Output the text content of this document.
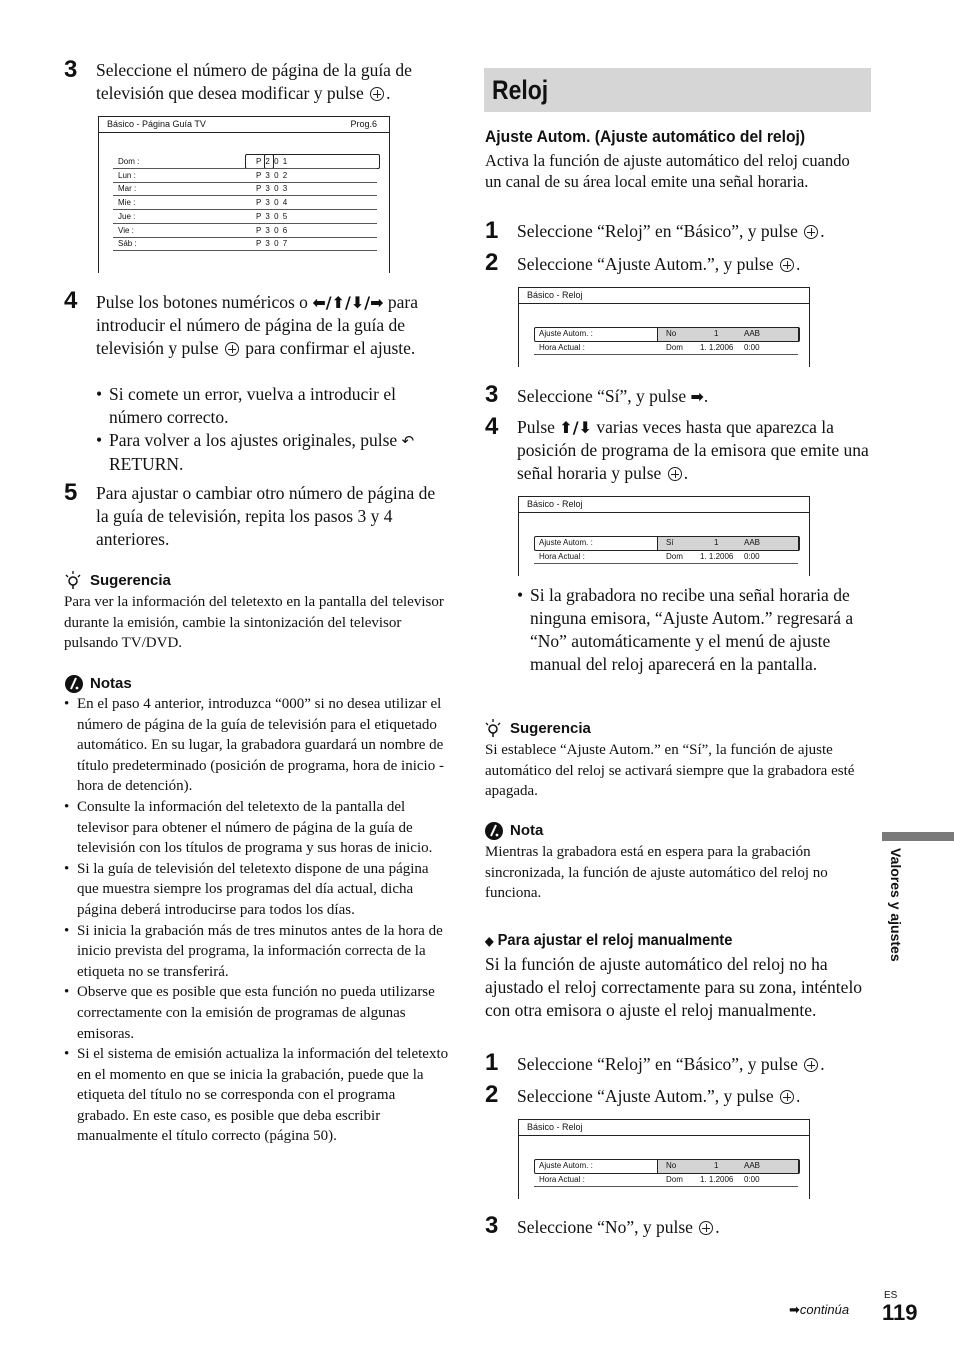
3 Seleccione el número de página de la guía de televisión que desea modificar y pulse .
Básico - Página Guía TV	Prog.6
Dom :	P 2 0 1
Lun :	P 3 0 2
Mar :	P 3 0 3
Mie :	P 3 0 4
Jue :	P 3 0 5
Vie :	P 3 0 6
Sáb :	P 3 0 7
4 Pulse los botones numéricos o ⬅/⬆/⬇/➡ para introducir el número de página de la guía de televisión y pulse para confirmar el ajuste.
• Si comete un error, vuelva a introducir el número correcto.
• Para volver a los ajustes originales, pulse ↶ RETURN.
5 Para ajustar o cambiar otro número de página de la guía de televisión, repita los pasos 3 y 4 anteriores.
Sugerencia
Para ver la información del teletexto en la pantalla del televisor durante la emisión, cambie la sintonización del televisor pulsando TV/DVD.
Notas
• En el paso 4 anterior, introduzca “000” si no desea utilizar el número de página de la guía de televisión para el etiquetado automático. En su lugar, la grabadora guardará un nombre de título predeterminado (posición de programa, hora de inicio - hora de detención).
• Consulte la información del teletexto de la pantalla del televisor para obtener el número de página de la guía de televisión con los títulos de programa y sus horas de inicio.
• Si la guía de televisión del teletexto dispone de una página que muestra siempre los programas del día actual, dicha página deberá introducirse para todos los días.
• Si inicia la grabación más de tres minutos antes de la hora de inicio prevista del programa, la información correcta de la etiqueta no se transferirá.
• Observe que es posible que esta función no pueda utilizarse correctamente con la emisión de programas de algunas emisoras.
• Si el sistema de emisión actualiza la información del teletexto en el momento en que se inicia la grabación, puede que la etiqueta del título no se corresponda con el programa grabado. En este caso, es posible que deba escribir manualmente el título correcto (página 50).
Reloj
Ajuste Autom. (Ajuste automático del reloj)
Activa la función de ajuste automático del reloj cuando un canal de su área local emite una señal horaria.
1 Seleccione “Reloj” en “Básico”, y pulse .
2 Seleccione “Ajuste Autom.”, y pulse .
Básico - Reloj
Ajuste Autom. :	No	1	AAB
Hora Actual :	Dom 1. 1.2006 0:00
3 Seleccione “Sí”, y pulse ➡.
4 Pulse ⬆/⬇ varias veces hasta que aparezca la posición de programa de la emisora que emite una señal horaria y pulse .
Básico - Reloj
Ajuste Autom. :	Sí	1	AAB
Hora Actual :	Dom 1. 1.2006 0:00
• Si la grabadora no recibe una señal horaria de ninguna emisora, “Ajuste Autom.” regresará a “No” automáticamente y el menú de ajuste manual del reloj aparecerá en la pantalla.
Sugerencia
Si establece “Ajuste Autom.” en “Sí”, la función de ajuste automático del reloj se activará siempre que la grabadora esté apagada.
Nota
Mientras la grabadora está en espera para la grabación sincronizada, la función de ajuste automático del reloj no funciona.
◆ Para ajustar el reloj manualmente
Si la función de ajuste automático del reloj no ha ajustado el reloj correctamente para su zona, inténtelo con otra emisora o ajuste el reloj manualmente.
1 Seleccione “Reloj” en “Básico”, y pulse .
2 Seleccione “Ajuste Autom.”, y pulse .
Básico - Reloj
Ajuste Autom. :	No	1	AAB
Hora Actual :	Dom 1. 1.2006 0:00
3 Seleccione “No”, y pulse .
Valores y ajustes
➡continúa
ES
119
